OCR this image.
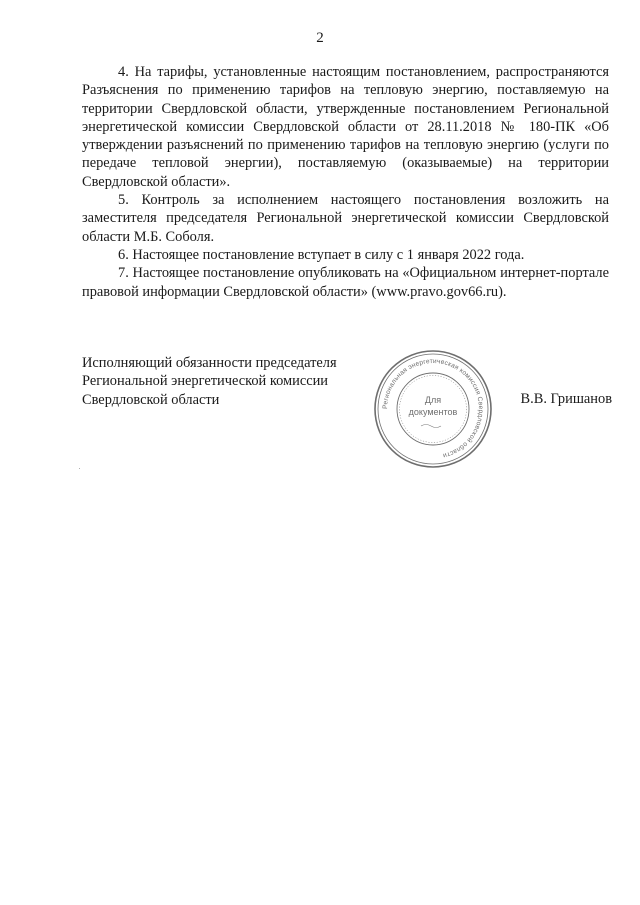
2

4. На тарифы, установленные настоящим постановлением, распространяются Разъяснения по применению тарифов на тепловую энергию, поставляемую на территории Свердловской области, утвержденные постановлением Региональной энергетической комиссии Свердловской области от 28.11.2018 № 180-ПК «Об утверждении разъяснений по применению тарифов на тепловую энергию (услуги по передаче тепловой энергии), поставляемую (оказываемые) на территории Свердловской области».

5. Контроль за исполнением настоящего постановления возложить на заместителя председателя Региональной энергетической комиссии Свердловской области М.Б. Соболя.

6. Настоящее постановление вступает в силу с 1 января 2022 года.

7. Настоящее постановление опубликовать на «Официальном интернет-портале правовой информации Свердловской области» (www.pravo.gov66.ru).

Исполняющий обязанности председателя
Региональной энергетической комиссии
Свердловской области	В.В. Гришанов
Региональная энергетическая комиссия Свердловской области
Для
документов
